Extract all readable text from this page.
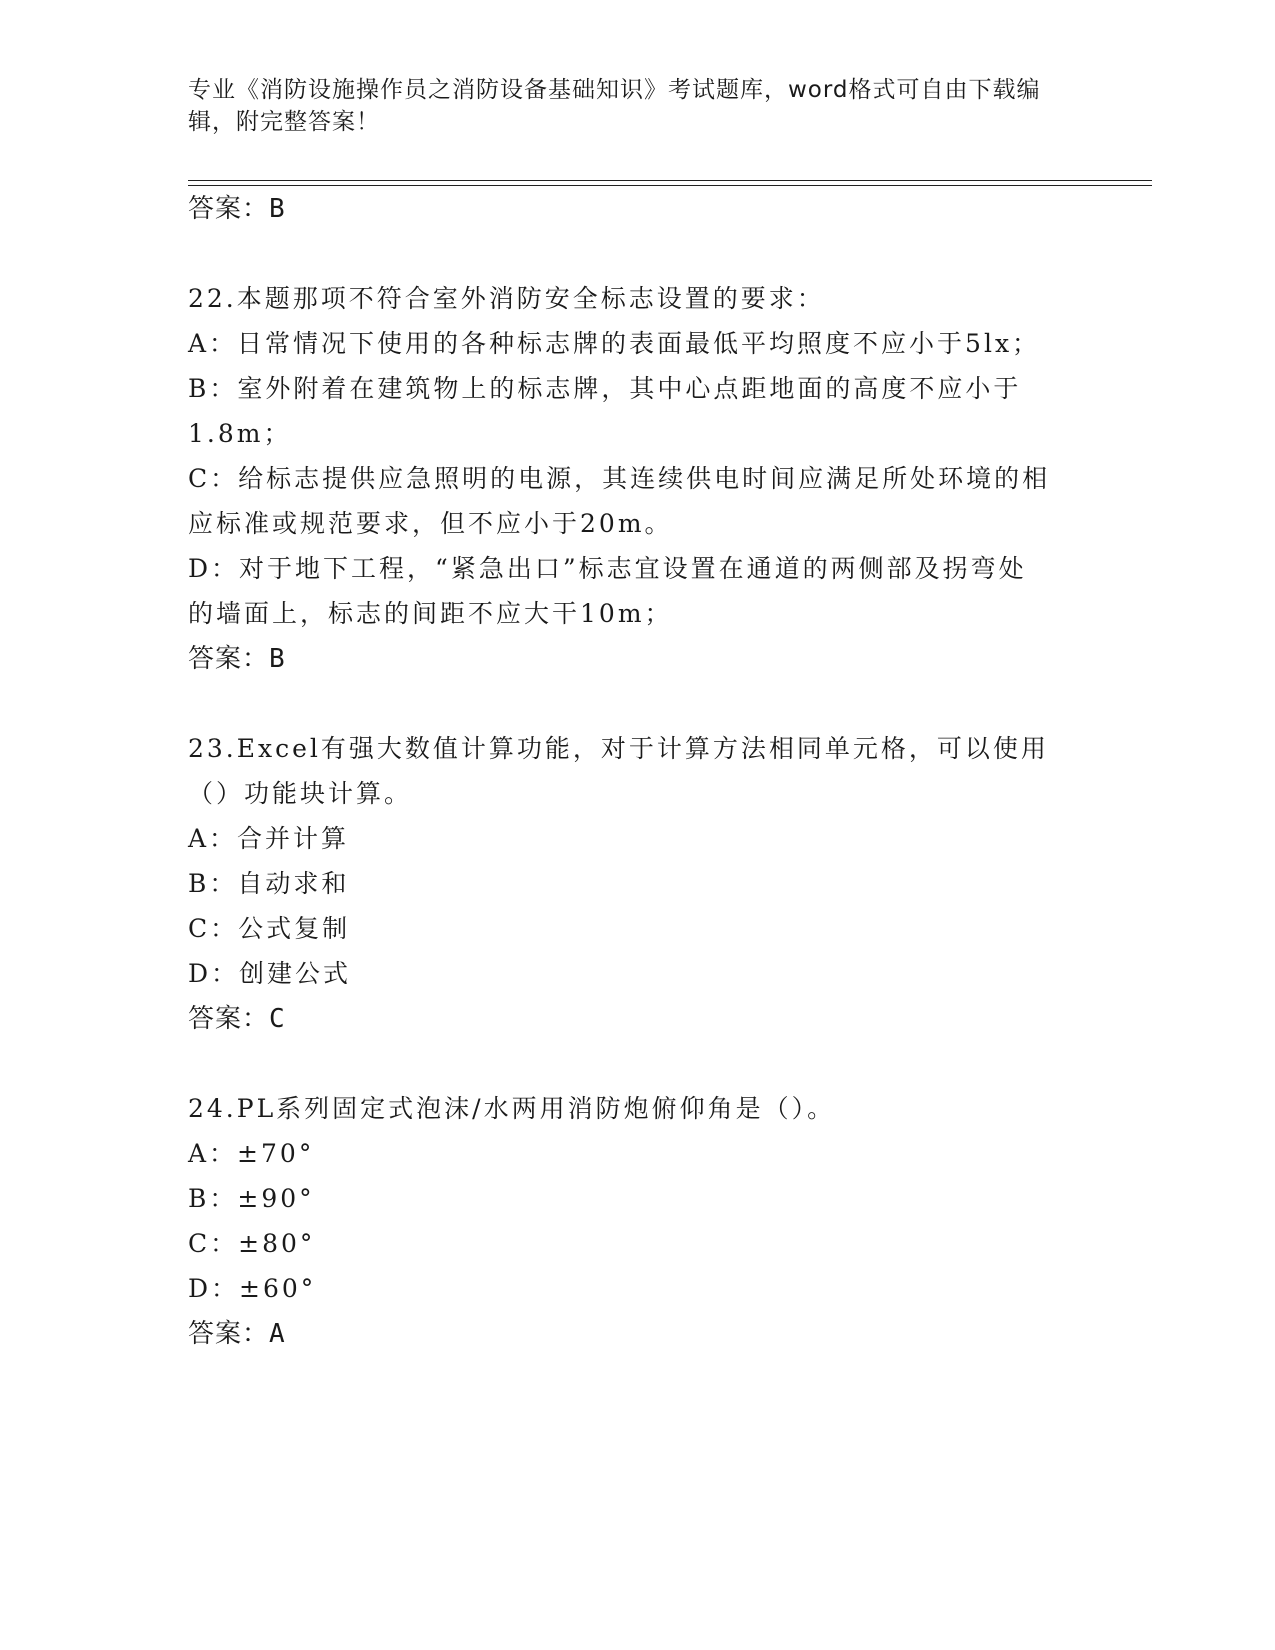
专业《消防设施操作员之消防设备基础知识》考试题库，word格式可自由下载编辑，附完整答案！
答案：B
22.本题那项不符合室外消防安全标志设置的要求：
A：日常情况下使用的各种标志牌的表面最低平均照度不应小于5lx；
B：室外附着在建筑物上的标志牌，其中心点距地面的高度不应小于
1.8m；
C：给标志提供应急照明的电源，其连续供电时间应满足所处环境的相
应标准或规范要求，但不应小于20m。
D：对于地下工程，“紧急出口”标志宜设置在通道的两侧部及拐弯处
的墙面上，标志的间距不应大干10m；
答案：B
23.Excel有强大数值计算功能，对于计算方法相同单元格，可以使用
（）功能块计算。
A：合并计算
B：自动求和
C：公式复制
D：创建公式
答案：C
24.PL系列固定式泡沫/水两用消防炮俯仰角是（）。
A：±70°
B：±90°
C：±80°
D：±60°
答案：A
